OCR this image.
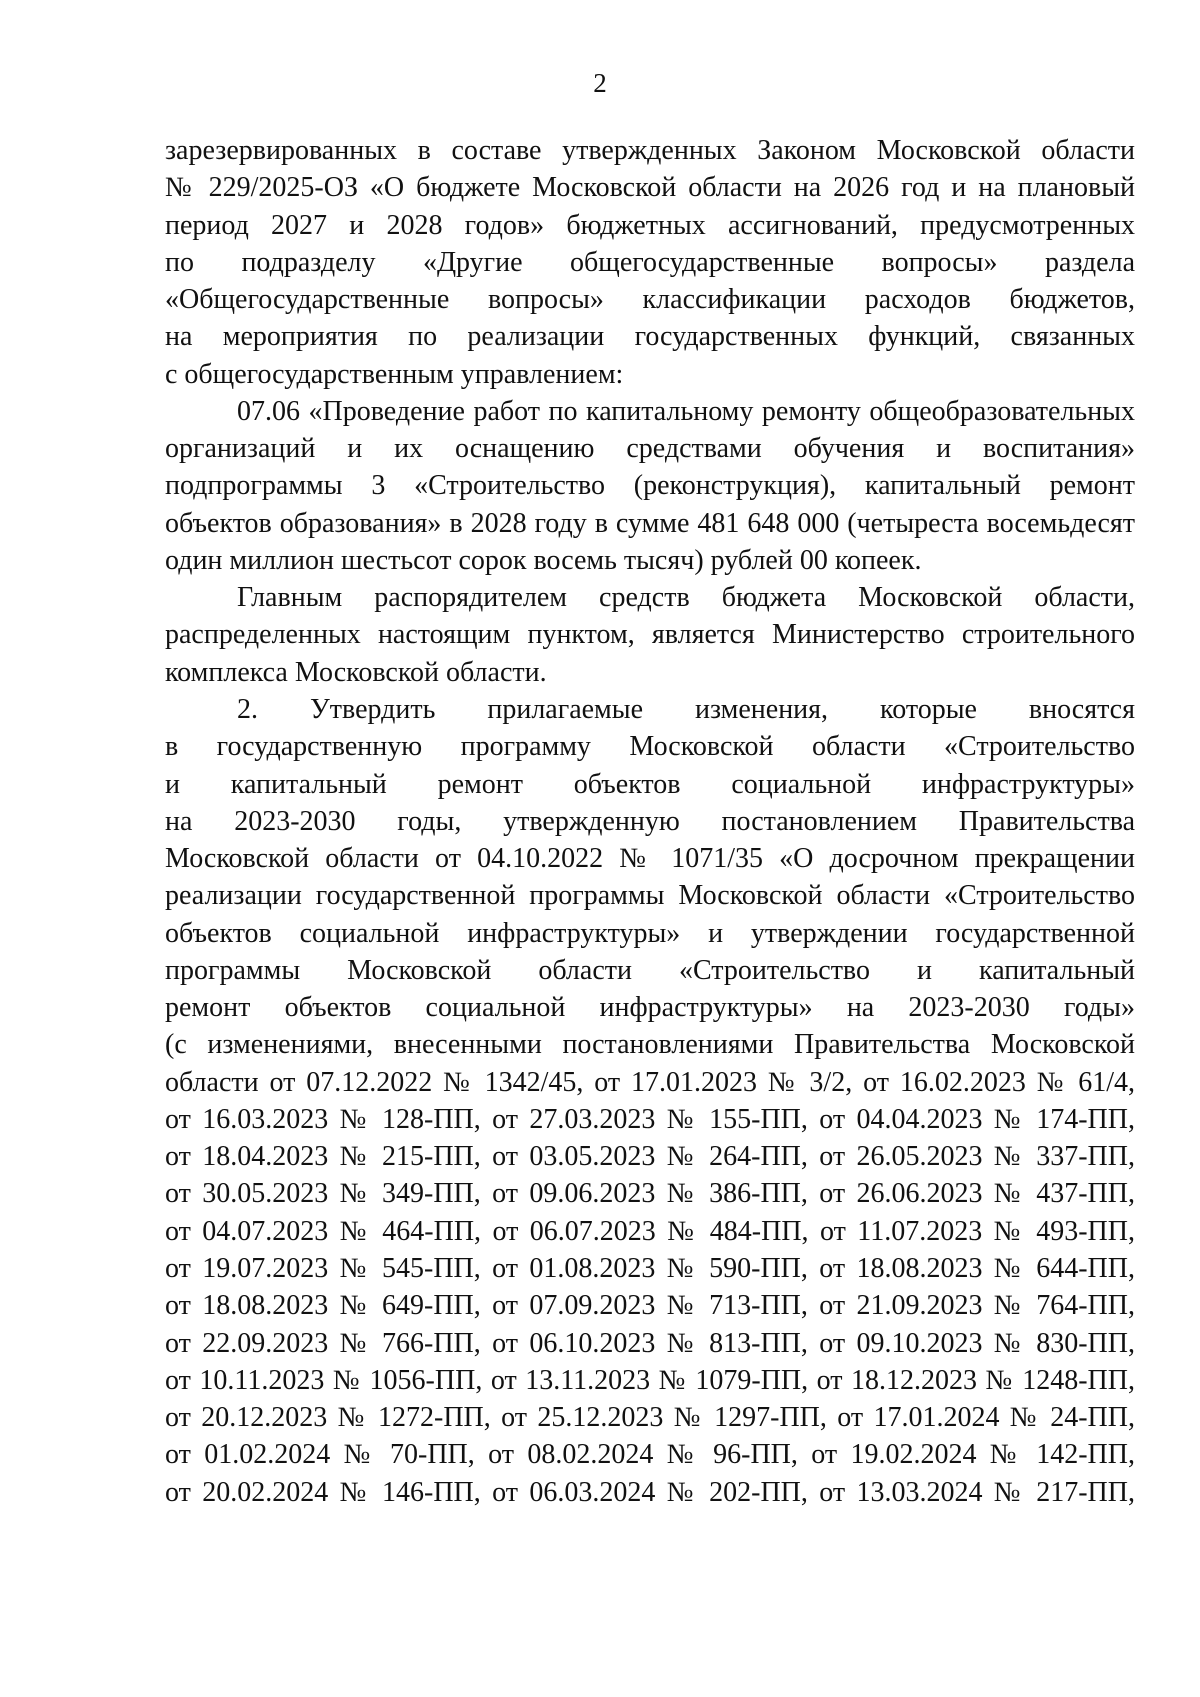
2
зарезервированных в составе утвержденных Законом Московской области
№ 229/2025-ОЗ «О бюджете Московской области на 2026 год и на плановый
период 2027 и 2028 годов» бюджетных ассигнований, предусмотренных
по подразделу «Другие общегосударственные вопросы» раздела
«Общегосударственные вопросы» классификации расходов бюджетов,
на мероприятия по реализации государственных функций, связанных
с общегосударственным управлением:
07.06 «Проведение работ по капитальному ремонту общеобразовательных
организаций и их оснащению средствами обучения и воспитания»
подпрограммы 3 «Строительство (реконструкция), капитальный ремонт
объектов образования» в 2028 году в сумме 481 648 000 (четыреста восемьдесят
один миллион шестьсот сорок восемь тысяч) рублей 00 копеек.
Главным распорядителем средств бюджета Московской области,
распределенных настоящим пунктом, является Министерство строительного
комплекса Московской области.
2. Утвердить прилагаемые изменения, которые вносятся
в государственную программу Московской области «Строительство
и капитальный ремонт объектов социальной инфраструктуры»
на 2023-2030 годы, утвержденную постановлением Правительства
Московской области от 04.10.2022 № 1071/35 «О досрочном прекращении
реализации государственной программы Московской области «Строительство
объектов социальной инфраструктуры» и утверждении государственной
программы Московской области «Строительство и капитальный
ремонт объектов социальной инфраструктуры» на 2023-2030 годы»
(с изменениями, внесенными постановлениями Правительства Московской
области от 07.12.2022 № 1342/45, от 17.01.2023 № 3/2, от 16.02.2023 № 61/4,
от 16.03.2023 № 128-ПП, от 27.03.2023 № 155-ПП, от 04.04.2023 № 174-ПП,
от 18.04.2023 № 215-ПП, от 03.05.2023 № 264-ПП, от 26.05.2023 № 337-ПП,
от 30.05.2023 № 349-ПП, от 09.06.2023 № 386-ПП, от 26.06.2023 № 437-ПП,
от 04.07.2023 № 464-ПП, от 06.07.2023 № 484-ПП, от 11.07.2023 № 493-ПП,
от 19.07.2023 № 545-ПП, от 01.08.2023 № 590-ПП, от 18.08.2023 № 644-ПП,
от 18.08.2023 № 649-ПП, от 07.09.2023 № 713-ПП, от 21.09.2023 № 764-ПП,
от 22.09.2023 № 766-ПП, от 06.10.2023 № 813-ПП, от 09.10.2023 № 830-ПП,
от 10.11.2023 № 1056-ПП, от 13.11.2023 № 1079-ПП, от 18.12.2023 № 1248-ПП,
от 20.12.2023 № 1272-ПП, от 25.12.2023 № 1297-ПП, от 17.01.2024 № 24-ПП,
от 01.02.2024 № 70-ПП, от 08.02.2024 № 96-ПП, от 19.02.2024 № 142-ПП,
от 20.02.2024 № 146-ПП, от 06.03.2024 № 202-ПП, от 13.03.2024 № 217-ПП,
